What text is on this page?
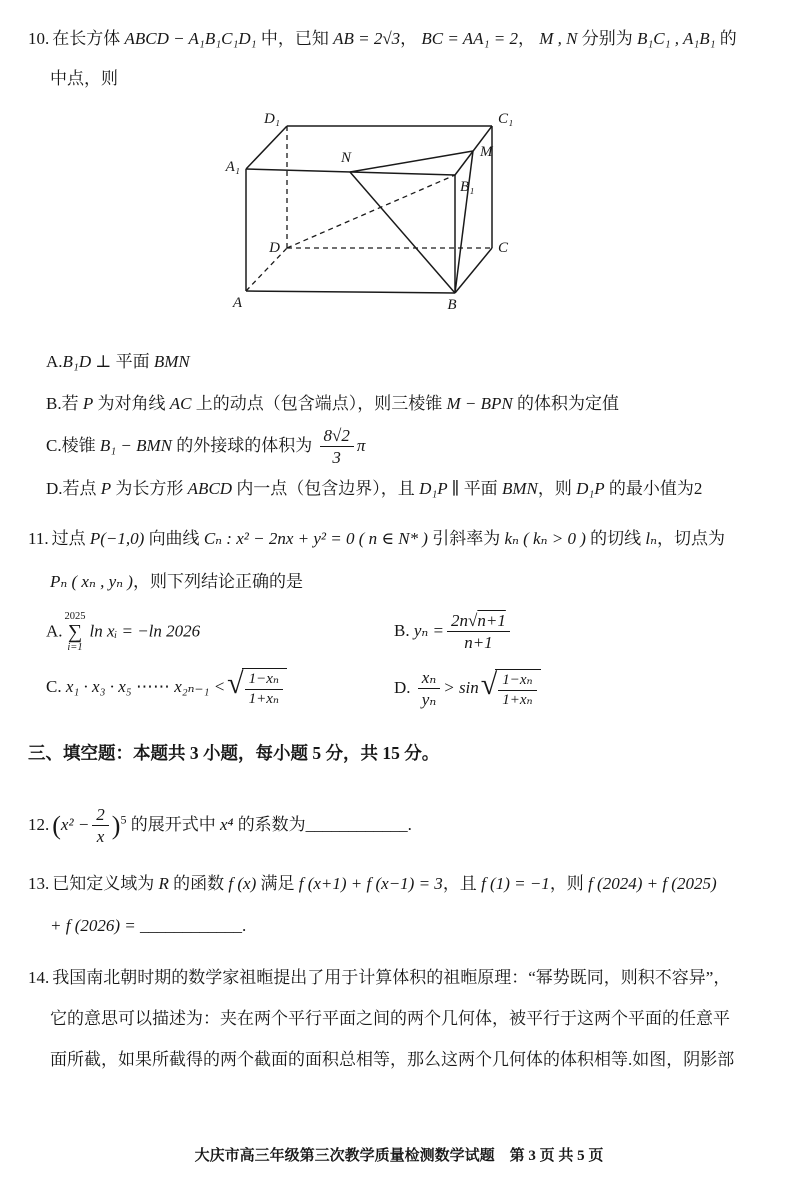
10. 在长方体 ABCD − A₁B₁C₁D₁ 中，已知 AB = 2√3， BC = AA₁ = 2， M , N 分别为 B₁C₁ , A₁B₁ 的

中点，则

D₁	C₁
A₁
B₁
N	M
D	C
A	B

A.B₁D ⊥ 平面 BMN

B.若 P 为对角线 AC 上的动点（包含端点），则三棱锥 M − BPN 的体积为定值

C.棱锥 B₁ − BMN 的外接球的体积为 $\frac{8√2}{3}$ π

D.若点 P 为长方形 ABCD 内一点（包含边界），且 D₁P ∥ 平面 BMN，则 D₁P 的最小值为2

11. 过点 P(−1,0) 向曲线 Cₙ : x² − 2nx + y² = 0 ( n ∈ N* ) 引斜率为 kₙ ( kₙ > 0 ) 的切线 lₙ，切点为

Pₙ ( xₙ , yₙ )，则下列结论正确的是

A.
2025
∑
i=1
ln xᵢ = −ln 2026	B. $y_n = \frac{2n√n+1}{n+1}$

C. x₁ · x₃ · x₅ ⋯⋯ x₂ₙ₋₁ < √ $\frac{\text{1−xₙ}}{\text{1+xₙ}}$	D. $\frac{\text{xₙ}}{\text{yₙ}} > \sin$ √ $\frac{\text{1−xₙ}}{\text{1+xₙ}}$

三、填空题：本题共 3 小题，每小题 5 分，共 15 分。

12. $(x^2 - \frac{2}{x} )^5$ 的展开式中 x⁴ 的系数为____________.

13. 已知定义域为 R 的函数 f (x) 满足 f (x+1) + f (x−1) = 3，且 f (1) = −1，则 f (2024) + f (2025)

+ f (2026) = ____________.

14. 我国南北朝时期的数学家祖暅提出了用于计算体积的祖暅原理：“幂势既同，则积不容异”，

它的意思可以描述为：夹在两个平行平面之间的两个几何体，被平行于这两个平面的任意平

面所截，如果所截得的两个截面的面积总相等，那么这两个几何体的体积相等.如图，阴影部

大庆市高三年级第三次教学质量检测数学试题　第 3 页 共 5 页
